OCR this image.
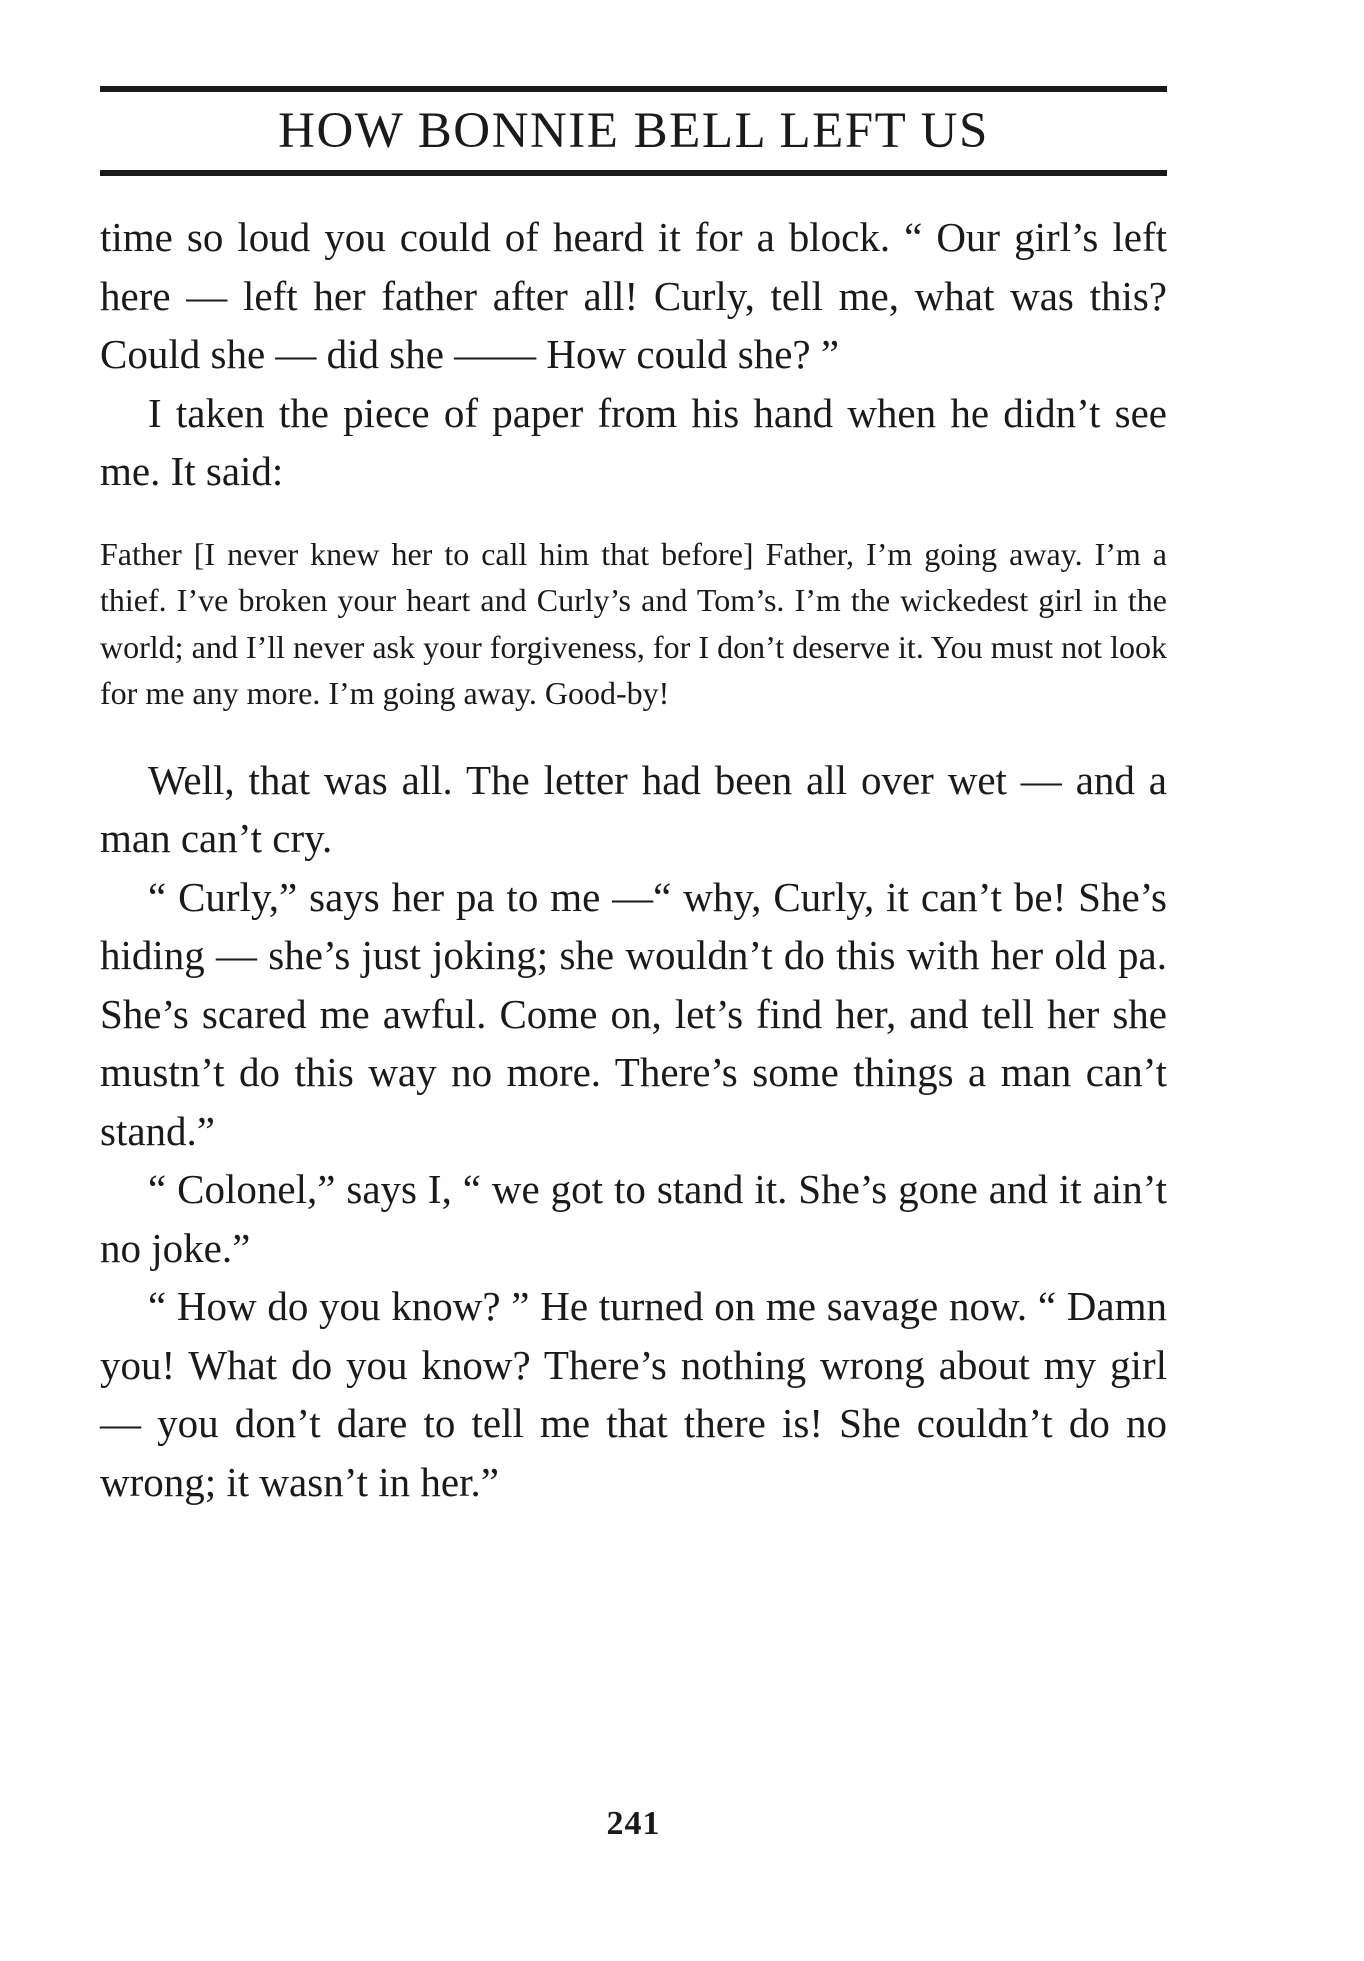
HOW BONNIE BELL LEFT US

time so loud you could of heard it for a block. “ Our girl’s left here — left her father after all! Curly, tell me, what was this? Could she — did she —— How could she? ”

I taken the piece of paper from his hand when he didn’t see me. It said:

Father [I never knew her to call him that before] Father, I’m going away. I’m a thief. I’ve broken your heart and Curly’s and Tom’s. I’m the wickedest girl in the world; and I’ll never ask your forgiveness, for I don’t deserve it. You must not look for me any more. I’m going away. Good-by!

Well, that was all. The letter had been all over wet — and a man can’t cry.

“ Curly,” says her pa to me —“ why, Curly, it can’t be! She’s hiding — she’s just joking; she wouldn’t do this with her old pa. She’s scared me awful. Come on, let’s find her, and tell her she mustn’t do this way no more. There’s some things a man can’t stand.”

“ Colonel,” says I, “ we got to stand it. She’s gone and it ain’t no joke.”

“ How do you know? ” He turned on me savage now. “ Damn you! What do you know? There’s nothing wrong about my girl — you don’t dare to tell me that there is! She couldn’t do no wrong; it wasn’t in her.”

241
